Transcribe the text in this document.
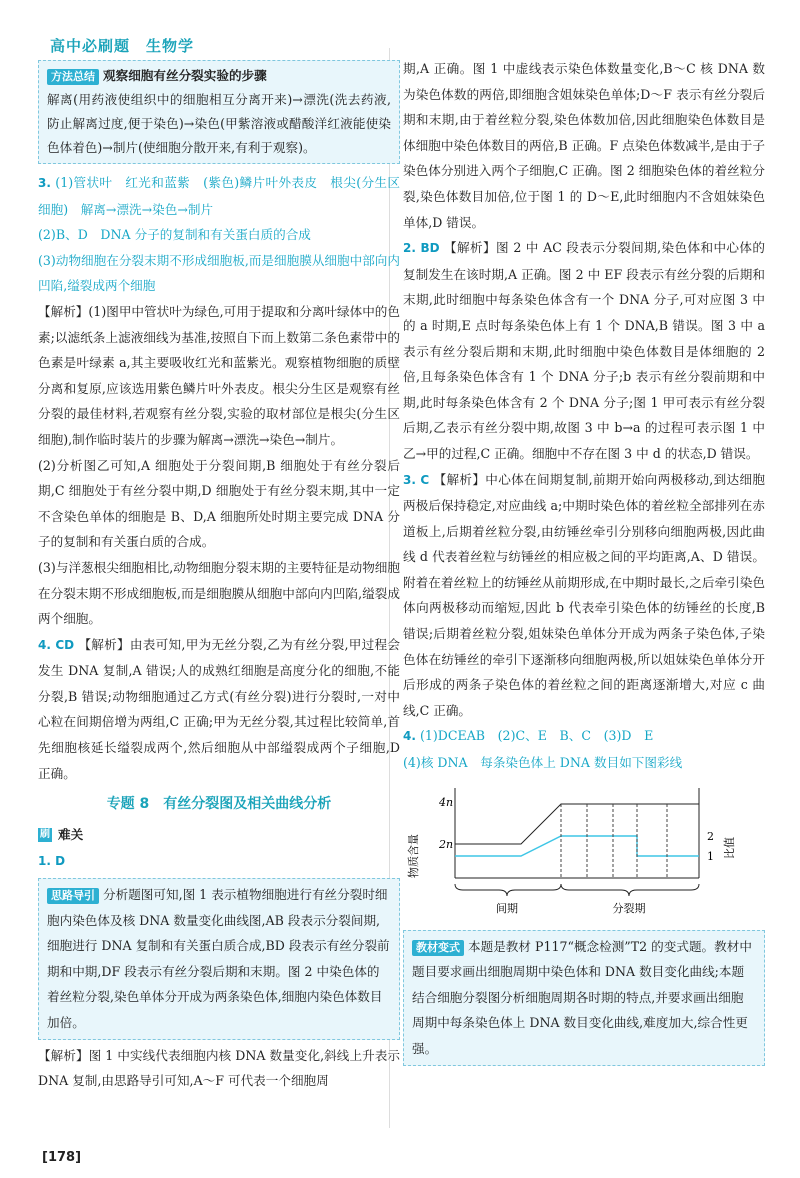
高中必刷题　生物学
方法总结 观察细胞有丝分裂实验的步骤

解离(用药液使组织中的细胞相互分离开来)→漂洗(洗去药液,防止解离过度,便于染色)→染色(甲紫溶液或醋酸洋红液能使染色体着色)→制片(使细胞分散开来,有利于观察)。

3. (1)管状叶　红光和蓝紫　(紫色)鳞片叶外表皮　根尖(分生区细胞)　解离→漂洗→染色→制片

(2)B、D　DNA 分子的复制和有关蛋白质的合成

(3)动物细胞在分裂末期不形成细胞板,而是细胞膜从细胞中部向内凹陷,缢裂成两个细胞

【解析】(1)图甲中管状叶为绿色,可用于提取和分离叶绿体中的色素;以滤纸条上滤液细线为基准,按照自下而上数第二条色素带中的色素是叶绿素 a,其主要吸收红光和蓝紫光。观察植物细胞的质壁分离和复原,应该选用紫色鳞片叶外表皮。根尖分生区是观察有丝分裂的最佳材料,若观察有丝分裂,实验的取材部位是根尖(分生区细胞),制作临时装片的步骤为解离→漂洗→染色→制片。

(2)分析图乙可知,A 细胞处于分裂间期,B 细胞处于有丝分裂后期,C 细胞处于有丝分裂中期,D 细胞处于有丝分裂末期,其中一定不含染色单体的细胞是 B、D,A 细胞所处时期主要完成 DNA 分子的复制和有关蛋白质的合成。

(3)与洋葱根尖细胞相比,动物细胞分裂末期的主要特征是动物细胞在分裂末期不形成细胞板,而是细胞膜从细胞中部向内凹陷,缢裂成两个细胞。

4. CD 【解析】由表可知,甲为无丝分裂,乙为有丝分裂,甲过程会发生 DNA 复制,A 错误;人的成熟红细胞是高度分化的细胞,不能分裂,B 错误;动物细胞通过乙方式(有丝分裂)进行分裂时,一对中心粒在间期倍增为两组,C 正确;甲为无丝分裂,其过程比较简单,首先细胞核延长缢裂成两个,然后细胞从中部缢裂成两个子细胞,D 正确。

专题 8　有丝分裂图及相关曲线分析
刷 难关
1. D
思路导引 分析题图可知,图 1 表示植物细胞进行有丝分裂时细胞内染色体及核 DNA 数量变化曲线图,AB 段表示分裂间期,细胞进行 DNA 复制和有关蛋白质合成,BD 段表示有丝分裂前期和中期,DF 段表示有丝分裂后期和末期。图 2 中染色体的着丝粒分裂,染色单体分开成为两条染色体,细胞内染色体数目加倍。

【解析】图 1 中实线代表细胞内核 DNA 数量变化,斜线上升表示 DNA 复制,由思路导引可知,A～F 可代表一个细胞周

期,A 正确。图 1 中虚线表示染色体数量变化,B～C 核 DNA 数为染色体数的两倍,即细胞含姐妹染色单体;D～F 表示有丝分裂后期和末期,由于着丝粒分裂,染色体数加倍,因此细胞染色体数目是体细胞中染色体数目的两倍,B 正确。F 点染色体数减半,是由于子染色体分别进入两个子细胞,C 正确。图 2 细胞染色体的着丝粒分裂,染色体数目加倍,位于图 1 的 D～E,此时细胞内不含姐妹染色单体,D 错误。

2. BD 【解析】图 2 中 AC 段表示分裂间期,染色体和中心体的复制发生在该时期,A 正确。图 2 中 EF 段表示有丝分裂的后期和末期,此时细胞中每条染色体含有一个 DNA 分子,可对应图 3 中的 a 时期,E 点时每条染色体上有 1 个 DNA,B 错误。图 3 中 a 表示有丝分裂后期和末期,此时细胞中染色体数目是体细胞的 2 倍,且每条染色体含有 1 个 DNA 分子;b 表示有丝分裂前期和中期,此时每条染色体含有 2 个 DNA 分子;图 1 甲可表示有丝分裂后期,乙表示有丝分裂中期,故图 3 中 b→a 的过程可表示图 1 中乙→甲的过程,C 正确。细胞中不存在图 3 中 d 的状态,D 错误。

3. C 【解析】中心体在间期复制,前期开始向两极移动,到达细胞两极后保持稳定,对应曲线 a;中期时染色体的着丝粒全部排列在赤道板上,后期着丝粒分裂,由纺锤丝牵引分别移向细胞两极,因此曲线 d 代表着丝粒与纺锤丝的相应极之间的平均距离,A、D 错误。附着在着丝粒上的纺锤丝从前期形成,在中期时最长,之后牵引染色体向两极移动而缩短,因此 b 代表牵引染色体的纺锤丝的长度,B 错误;后期着丝粒分裂,姐妹染色单体分开成为两条子染色体,子染色体在纺锤丝的牵引下逐渐移向细胞两极,所以姐妹染色单体分开后形成的两条子染色体的着丝粒之间的距离逐渐增大,对应 c 曲线,C 正确。

4. (1)DCEAB　(2)C、E　B、C　(3)D　E

(4)核 DNA　每条染色体上 DNA 数目如下图彩线

物质含量
4n
2n
2
1 比值
间期	分裂期
教材变式 本题是教材 P117“概念检测”T2 的变式题。教材中题目要求画出细胞周期中染色体和 DNA 数目变化曲线;本题结合细胞分裂图分析细胞周期各时期的特点,并要求画出细胞周期中每条染色体上 DNA 数目变化曲线,难度加大,综合性更强。
[178]
